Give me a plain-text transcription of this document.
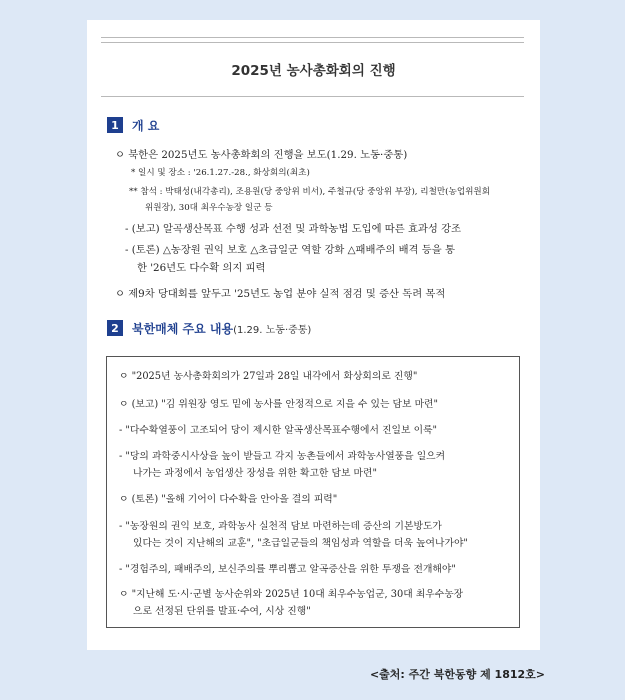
2025년 농사총화회의 진행
1	개 요
ㅇ 북한은 2025년도 농사총화회의 진행을 보도(1.29. 노동·중통)
* 일시 및 장소 : '26.1.27.-28., 화상회의(최초)
** 참석 : 박태성(내각총리), 조용원(당 중앙위 비서), 주철규(당 중앙위 부장), 리철만(농업위원회
위원장), 30대 최우수농장 일군 등
- (보고) 알곡생산목표 수행 성과 선전 및 과학농법 도입에 따른 효과성 강조
- (토론) △농장원 권익 보호 △초급일군 역할 강화 △패배주의 배격 등을 통
한 '26년도 다수확 의지 피력
ㅇ 제9차 당대회를 앞두고 '25년도 농업 분야 실적 점검 및 증산 독려 목적
2	북한매체 주요 내용(1.29. 노동·중통)
ㅇ "2025년 농사총화회의가 27일과 28일 내각에서 화상회의로 진행"
ㅇ (보고) "김 위원장 영도 밑에 농사를 안정적으로 지을 수 있는 담보 마련"
- "다수확열풍이 고조되어 당이 제시한 알곡생산목표수행에서 진일보 이룩"
- "당의 과학중시사상을 높이 받들고 각지 농촌들에서 과학농사열풍을 일으켜
나가는 과정에서 농업생산 장성을 위한 확고한 담보 마련"
ㅇ (토론) "올해 기어이 다수확을 안아올 결의 피력"
- "농장원의 권익 보호, 과학농사 실천적 담보 마련하는데 증산의 기본방도가
있다는 것이 지난해의 교훈", "초급일군들의 책임성과 역할을 더욱 높여나가야"
- "경험주의, 패배주의, 보신주의를 뿌리뽑고 알곡증산을 위한 투쟁을 전개해야"
ㅇ "지난해 도·시·군별 농사순위와 2025년 10대 최우수농업군, 30대 최우수농장
으로 선정된 단위를 발표·수여, 시상 진행"
<출처: 주간 북한동향 제 1812호>
